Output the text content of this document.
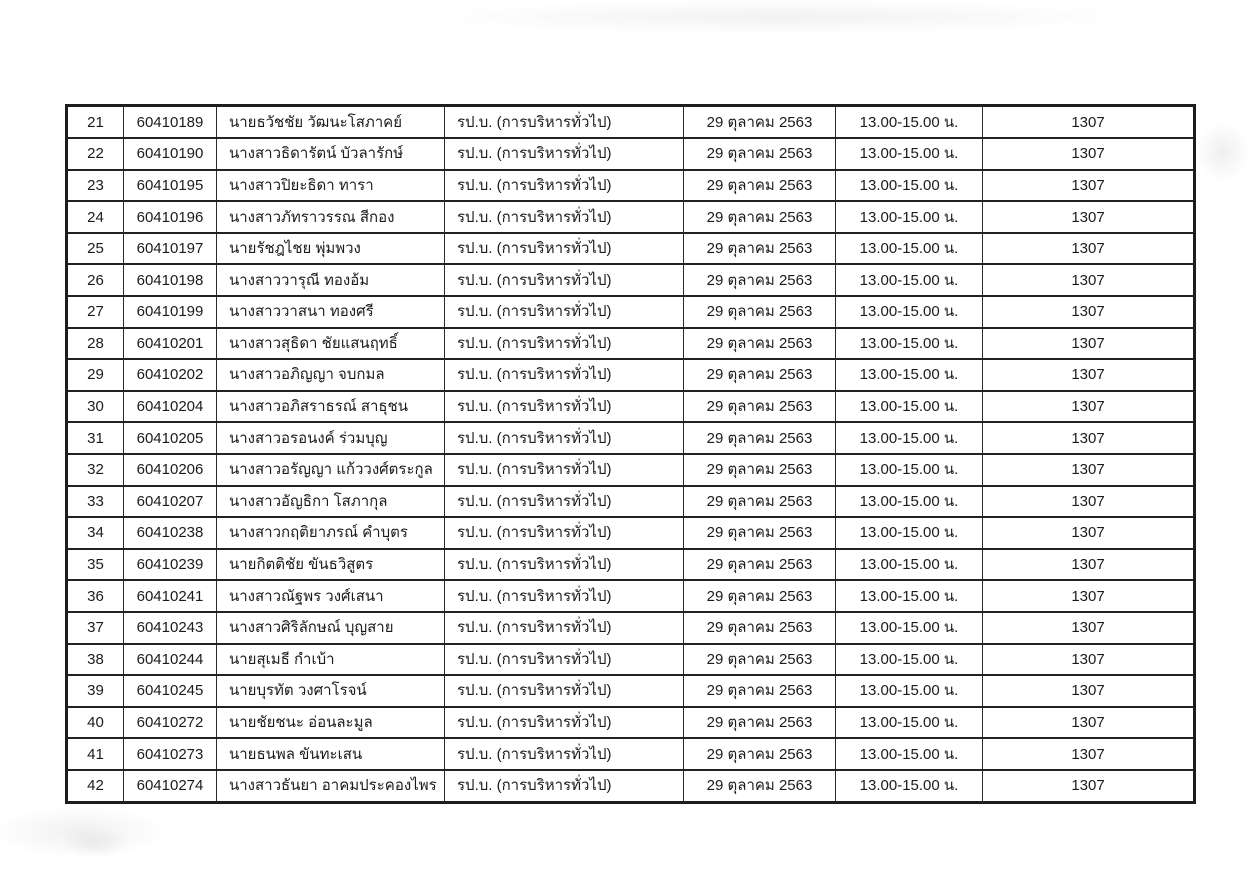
21	60410189	นายธวัชชัย วัฒนะโสภาคย์	รป.บ. (การบริหารทั่วไป)	29 ตุลาคม 2563	13.00-15.00 น.	1307
22	60410190	นางสาวธิดารัตน์ บัวลารักษ์	รป.บ. (การบริหารทั่วไป)	29 ตุลาคม 2563	13.00-15.00 น.	1307
23	60410195	นางสาวปิยะธิดา ทารา	รป.บ. (การบริหารทั่วไป)	29 ตุลาคม 2563	13.00-15.00 น.	1307
24	60410196	นางสาวภัทราวรรณ สีกอง	รป.บ. (การบริหารทั่วไป)	29 ตุลาคม 2563	13.00-15.00 น.	1307
25	60410197	นายรัชฎไชย พุ่มพวง	รป.บ. (การบริหารทั่วไป)	29 ตุลาคม 2563	13.00-15.00 น.	1307
26	60410198	นางสาววารุณี ทองอ้ม	รป.บ. (การบริหารทั่วไป)	29 ตุลาคม 2563	13.00-15.00 น.	1307
27	60410199	นางสาววาสนา ทองศรี	รป.บ. (การบริหารทั่วไป)	29 ตุลาคม 2563	13.00-15.00 น.	1307
28	60410201	นางสาวสุธิดา ชัยแสนฤทธิ์	รป.บ. (การบริหารทั่วไป)	29 ตุลาคม 2563	13.00-15.00 น.	1307
29	60410202	นางสาวอภิญญา จบกมล	รป.บ. (การบริหารทั่วไป)	29 ตุลาคม 2563	13.00-15.00 น.	1307
30	60410204	นางสาวอภิสราธรณ์ สาธุชน	รป.บ. (การบริหารทั่วไป)	29 ตุลาคม 2563	13.00-15.00 น.	1307
31	60410205	นางสาวอรอนงค์ ร่วมบุญ	รป.บ. (การบริหารทั่วไป)	29 ตุลาคม 2563	13.00-15.00 น.	1307
32	60410206	นางสาวอรัญญา แก้ววงศ์ตระกูล	รป.บ. (การบริหารทั่วไป)	29 ตุลาคม 2563	13.00-15.00 น.	1307
33	60410207	นางสาวอัญธิกา โสภากุล	รป.บ. (การบริหารทั่วไป)	29 ตุลาคม 2563	13.00-15.00 น.	1307
34	60410238	นางสาวกฤติยาภรณ์ คำบุตร	รป.บ. (การบริหารทั่วไป)	29 ตุลาคม 2563	13.00-15.00 น.	1307
35	60410239	นายกิตติชัย ขันธวิสูตร	รป.บ. (การบริหารทั่วไป)	29 ตุลาคม 2563	13.00-15.00 น.	1307
36	60410241	นางสาวณัฐพร วงศ์เสนา	รป.บ. (การบริหารทั่วไป)	29 ตุลาคม 2563	13.00-15.00 น.	1307
37	60410243	นางสาวศิริลักษณ์ บุญสาย	รป.บ. (การบริหารทั่วไป)	29 ตุลาคม 2563	13.00-15.00 น.	1307
38	60410244	นายสุเมธี กำเบ้า	รป.บ. (การบริหารทั่วไป)	29 ตุลาคม 2563	13.00-15.00 น.	1307
39	60410245	นายบุรทัต วงศาโรจน์	รป.บ. (การบริหารทั่วไป)	29 ตุลาคม 2563	13.00-15.00 น.	1307
40	60410272	นายชัยชนะ อ่อนละมูล	รป.บ. (การบริหารทั่วไป)	29 ตุลาคม 2563	13.00-15.00 น.	1307
41	60410273	นายธนพล ขันทะเสน	รป.บ. (การบริหารทั่วไป)	29 ตุลาคม 2563	13.00-15.00 น.	1307
42	60410274	นางสาวธันยา อาคมประคองไพร	รป.บ. (การบริหารทั่วไป)	29 ตุลาคม 2563	13.00-15.00 น.	1307
